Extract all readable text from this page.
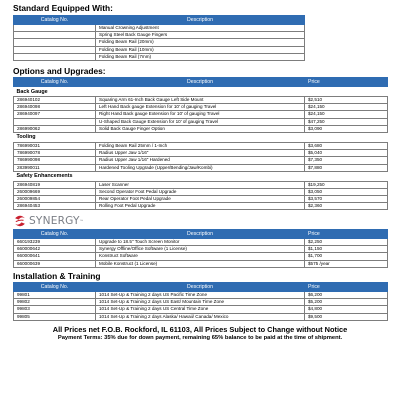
Standard Equipped With:
Catalog No.	Description	
	Manual Crowning Adjustment	
	Spring Steel Back Gauge Fingers	
	Folding Beam Rail (20mm)	
	Folding Beam Rail (10mm)	
	Folding Beam Rail (7mm)	
Options and Upgrades:
Catalog No.	Description	Price
Back Gauge		
286940102	Squaring Arm 61-Inch Back Gauge Left Side Mount	$2,510
286940098	Left Hand Back gauge Extension for 10' of gauging Travel	$24,150
286940097	Right Hand Back gauge Extension for 10' of gauging Travel	$24,150
	U-Shaped Back Gauge Extension for 10' of gauging Travel	$47,250
286990062	Solid Back Gauge Finger Option	$3,090
Tooling		
786990031	Folding Beam Rail 25mm / 1-Inch	$3,680
786990078	Radius Upper Jaw 1/16"	$5,040
786990098	Radius Upper Jaw 1/16" Hardened	$7,350
283990011	Hardened Tooling Upgrade (Upper/Bending/Jaw/Kombi)	$7,880
Safety Enhancements		
286940819	Laser Scanner	$19,250
260009669	Second Operator Foot Pedal Upgrade	$3,050
260009854	Rear Operator Foot Pedal Upgrade	$3,570
286940453	Rolling Foot Pedal Upgrade	$2,360
SYNERGY ™
Catalog No.	Description	Price
660193239	Upgrade to 18.5" Touch Screen Monitor	$2,250
660000642	Synergy Offline/Office Software (1 License)	$1,150
660000641	Konstruct Software	$1,700
660000639	Mobile Konstruct (1 License)	$575 /year
Installation & Training
Catalog No.	Description	Price
99801	1014 Set-Up & Training 2 days US Pacific Time Zone	$6,200
99802	1014 Set-Up & Training 2 days US East/ Mountain Time Zone	$5,200
99803	1014 Set-Up & Training 2 days US Central Time Zone	$4,800
99805	1014 Set-Up & Training 2 days Alaska/ Hawaii/ Canada/ Mexico	$9,500
All Prices net F.O.B. Rockford, IL 61103, All Prices Subject to Change without Notice
Payment Terms: 35% due for down payment, remaining 65% balance to be paid at the time of shipment.
